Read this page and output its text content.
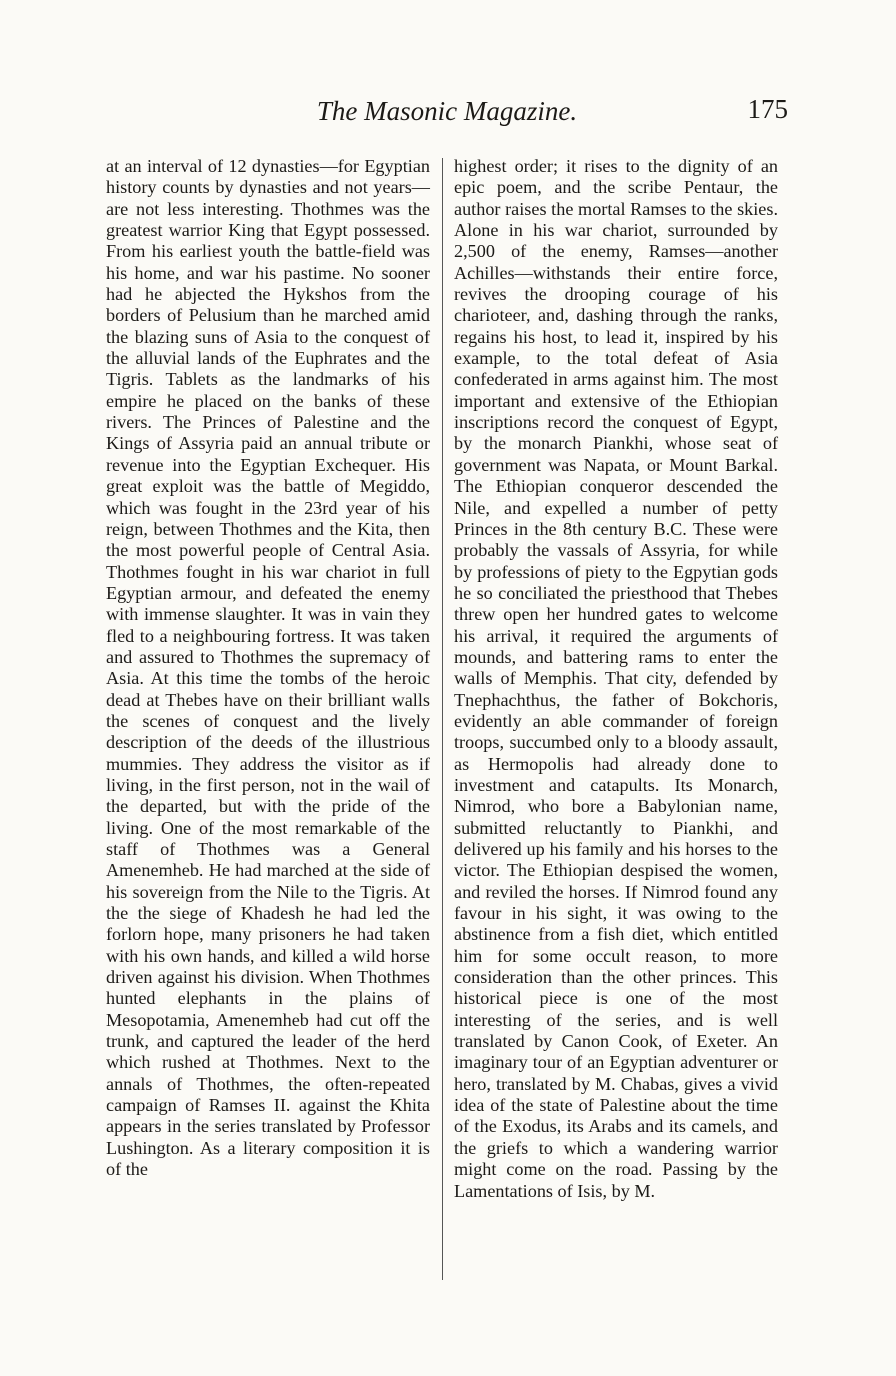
The Masonic Magazine.	175

at an interval of 12 dynasties—for Egyptian history counts by dynasties and not years—are not less interesting. Thothmes was the greatest warrior King that Egypt possessed. From his earliest youth the battle-field was his home, and war his pastime. No sooner had he abjected the Hykshos from the borders of Pelusium than he marched amid the blazing suns of Asia to the conquest of the alluvial lands of the Euphrates and the Tigris. Tablets as the landmarks of his empire he placed on the banks of these rivers. The Princes of Palestine and the Kings of Assyria paid an annual tribute or revenue into the Egyptian Exchequer. His great exploit was the battle of Megiddo, which was fought in the 23rd year of his reign, between Thothmes and the Kita, then the most powerful people of Central Asia. Thothmes fought in his war chariot in full Egyptian armour, and defeated the enemy with immense slaughter. It was in vain they fled to a neighbouring fortress. It was taken and assured to Thothmes the supremacy of Asia. At this time the tombs of the heroic dead at Thebes have on their brilliant walls the scenes of conquest and the lively description of the deeds of the illustrious mummies. They address the visitor as if living, in the first person, not in the wail of the departed, but with the pride of the living. One of the most remarkable of the staff of Thothmes was a General Amenemheb. He had marched at the side of his sovereign from the Nile to the Tigris. At the the siege of Khadesh he had led the forlorn hope, many prisoners he had taken with his own hands, and killed a wild horse driven against his division. When Thothmes hunted elephants in the plains of Mesopotamia, Amenemheb had cut off the trunk, and captured the leader of the herd which rushed at Thothmes. Next to the annals of Thothmes, the often-repeated campaign of Ramses II. against the Khita appears in the series translated by Professor Lushington. As a literary composition it is of the

highest order; it rises to the dignity of an epic poem, and the scribe Pentaur, the author raises the mortal Ramses to the skies. Alone in his war chariot, surrounded by 2,500 of the enemy, Ramses—another Achilles—withstands their entire force, revives the drooping courage of his charioteer, and, dashing through the ranks, regains his host, to lead it, inspired by his example, to the total defeat of Asia confederated in arms against him. The most important and extensive of the Ethiopian inscriptions record the conquest of Egypt, by the monarch Piankhi, whose seat of government was Napata, or Mount Barkal. The Ethiopian conqueror descended the Nile, and expelled a number of petty Princes in the 8th century B.C. These were probably the vassals of Assyria, for while by professions of piety to the Egpytian gods he so conciliated the priesthood that Thebes threw open her hundred gates to welcome his arrival, it required the arguments of mounds, and battering rams to enter the walls of Memphis. That city, defended by Tnephachthus, the father of Bokchoris, evidently an able commander of foreign troops, succumbed only to a bloody assault, as Hermopolis had already done to investment and catapults. Its Monarch, Nimrod, who bore a Babylonian name, submitted reluctantly to Piankhi, and delivered up his family and his horses to the victor. The Ethiopian despised the women, and reviled the horses. If Nimrod found any favour in his sight, it was owing to the abstinence from a fish diet, which entitled him for some occult reason, to more consideration than the other princes. This historical piece is one of the most interesting of the series, and is well translated by Canon Cook, of Exeter. An imaginary tour of an Egyptian adventurer or hero, translated by M. Chabas, gives a vivid idea of the state of Palestine about the time of the Exodus, its Arabs and its camels, and the griefs to which a wandering warrior might come on the road. Passing by the Lamentations of Isis, by M.
